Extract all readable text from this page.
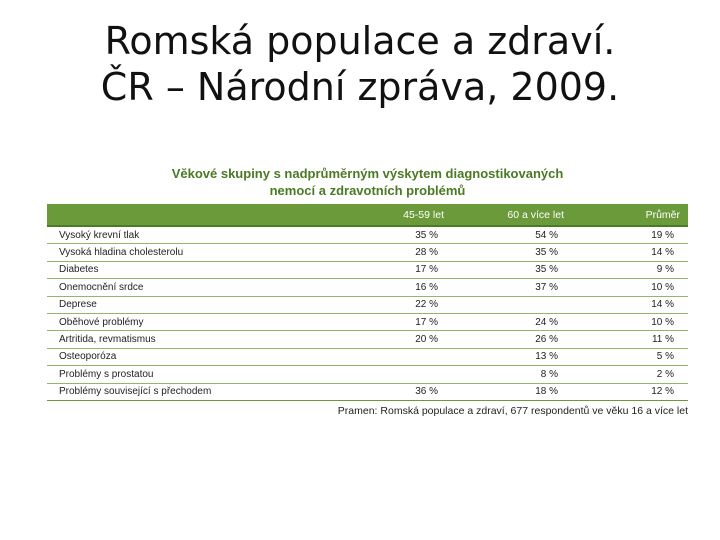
Romská populace a zdraví.
ČR – Národní zpráva, 2009.
Věkové skupiny s nadprůměrným výskytem diagnostikovaných
nemocí a zdravotních problémů
	45-59 let	60 a více let	Průměr
Vysoký krevní tlak	35 %	54 %	19 %
Vysoká hladina cholesterolu	28 %	35 %	14 %
Diabetes	17 %	35 %	9 %
Onemocnění srdce	16 %	37 %	10 %
Deprese	22 %		14 %
Oběhové problémy	17 %	24 %	10 %
Artritida, revmatismus	20 %	26 %	11 %
Osteoporóza		13 %	5 %
Problémy s prostatou		8 %	2 %
Problémy související s přechodem	36 %	18 %	12 %
Pramen: Romská populace a zdraví, 677 respondentů ve věku 16 a více let
